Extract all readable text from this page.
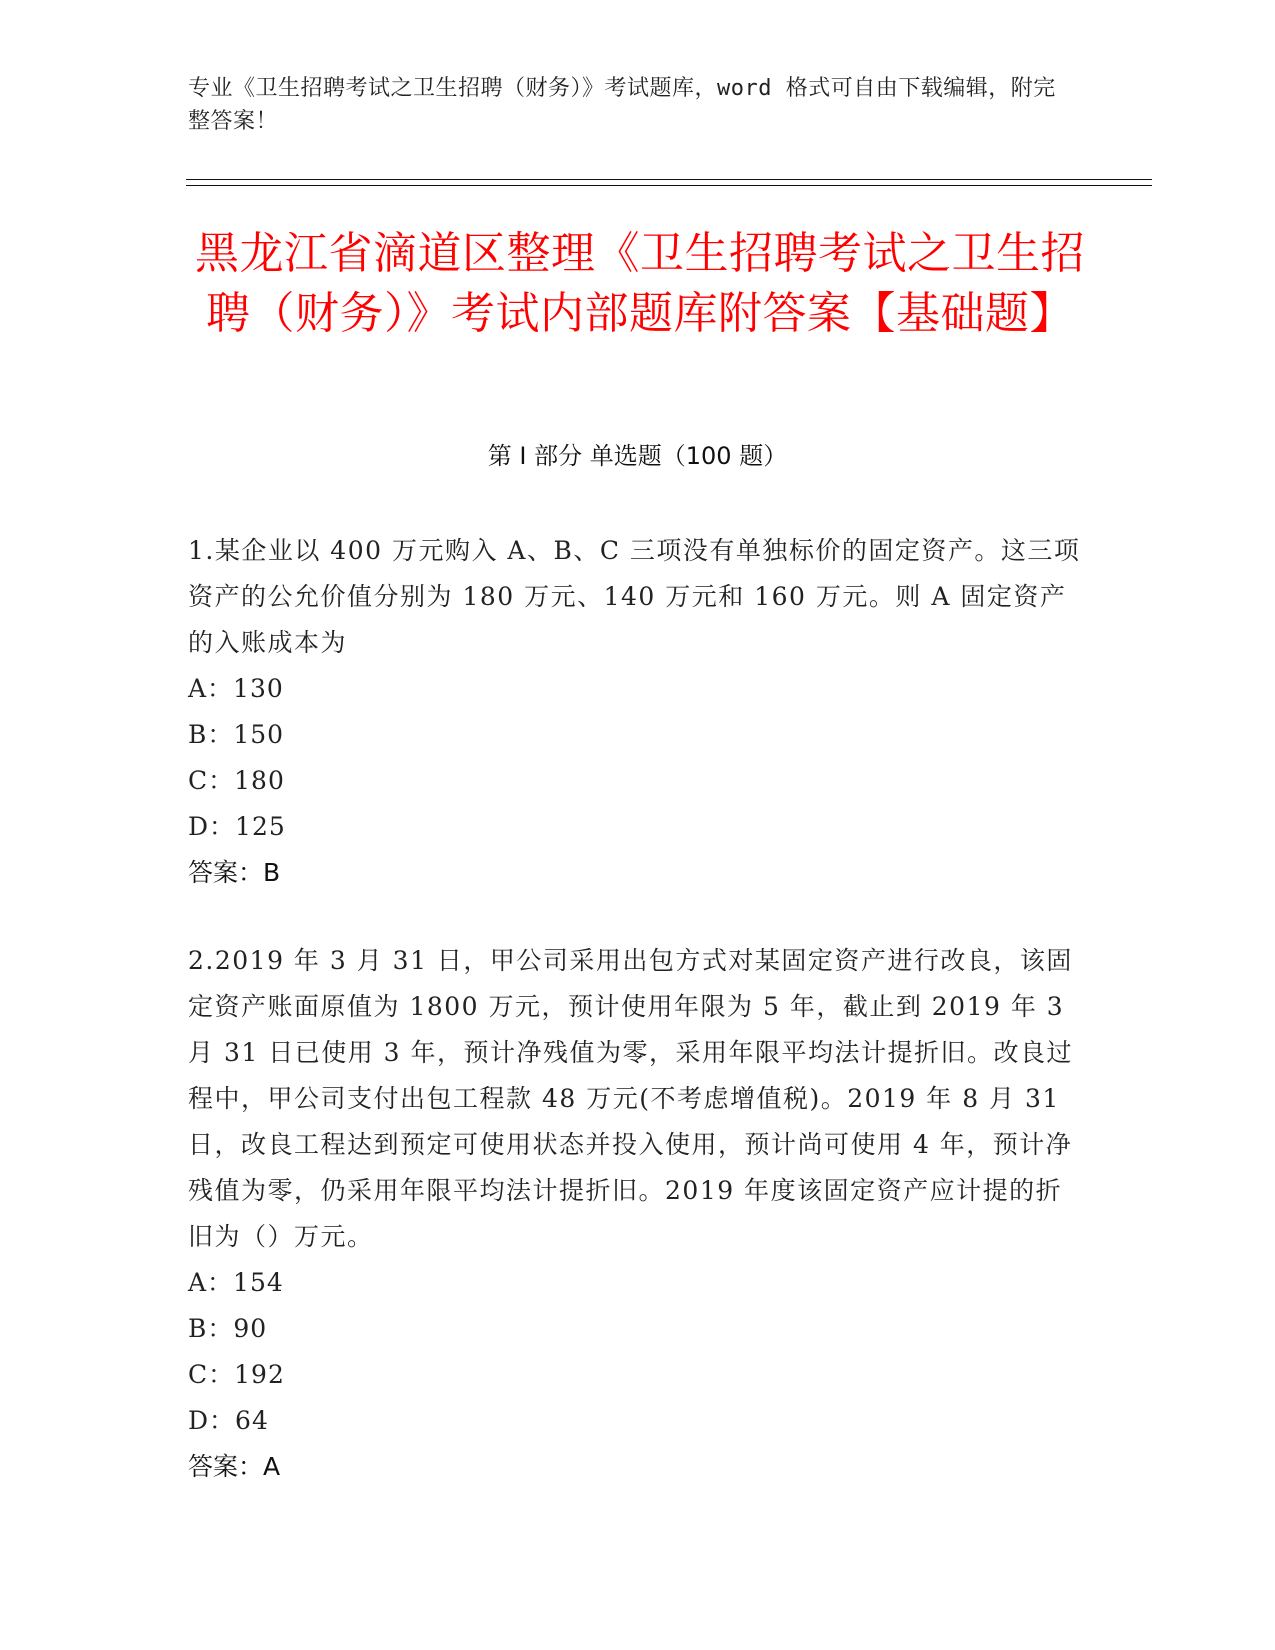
专业《卫生招聘考试之卫生招聘（财务）》考试题库，word 格式可自由下载编辑，附完整答案！
黑龙江省滴道区整理《卫生招聘考试之卫生招聘（财务）》考试内部题库附答案【基础题】
第 I 部分 单选题（100 题）
1.某企业以 400 万元购入 A、B、C 三项没有单独标价的固定资产。这三项资产的公允价值分别为 180 万元、140 万元和 160 万元。则 A 固定资产的入账成本为
A：130
B：150
C：180
D：125
答案：B
2.2019 年 3 月 31 日，甲公司采用出包方式对某固定资产进行改良，该固定资产账面原值为 1800 万元，预计使用年限为 5 年，截止到 2019 年 3 月 31 日已使用 3 年，预计净残值为零，采用年限平均法计提折旧。改良过程中，甲公司支付出包工程款 48 万元(不考虑增值税)。2019 年 8 月 31 日，改良工程达到预定可使用状态并投入使用，预计尚可使用 4 年，预计净残值为零，仍采用年限平均法计提折旧。2019 年度该固定资产应计提的折旧为（）万元。
A：154
B：90
C：192
D：64
答案：A
